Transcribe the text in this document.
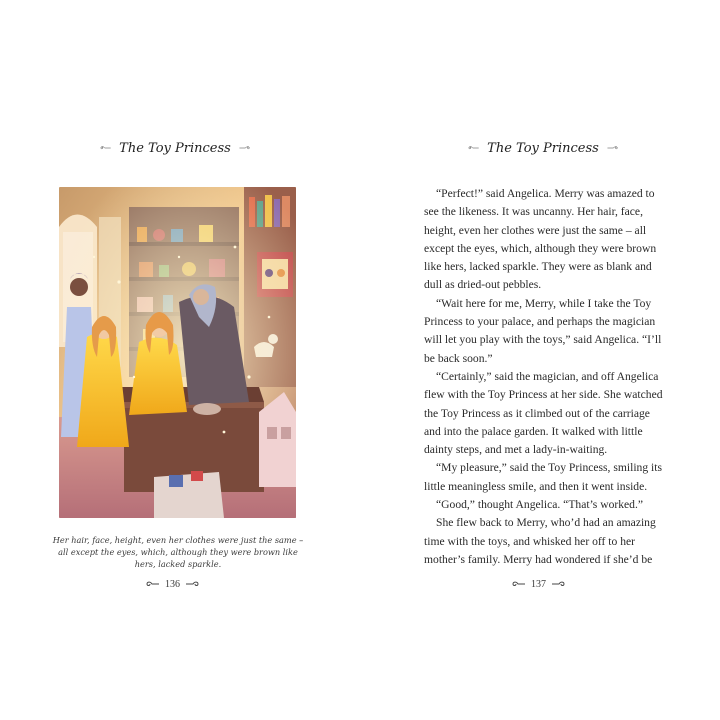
The Toy Princess
Her hair, face, height, even her clothes were just the same – all except the eyes, which, although they were brown like hers, lacked sparkle.
136
The Toy Princess
“Perfect!” said Angelica. Merry was amazed to
see the likeness. It was uncanny. Her hair, face,
height, even her clothes were just the same – all
except the eyes, which, although they were brown
like hers, lacked sparkle. They were as blank and
dull as dried-out pebbles.
“Wait here for me, Merry, while I take the Toy
Princess to your palace, and perhaps the magician
will let you play with the toys,” said Angelica. “I’ll
be back soon.”
“Certainly,” said the magician, and off Angelica
flew with the Toy Princess at her side. She watched
the Toy Princess as it climbed out of the carriage
and into the palace garden. It walked with little
dainty steps, and met a lady-in-waiting.
“My pleasure,” said the Toy Princess, smiling its
little meaningless smile, and then it went inside.
“Good,” thought Angelica. “That’s worked.”
She flew back to Merry, who’d had an amazing
time with the toys, and whisked her off to her
mother’s family. Merry had wondered if she’d be
137
